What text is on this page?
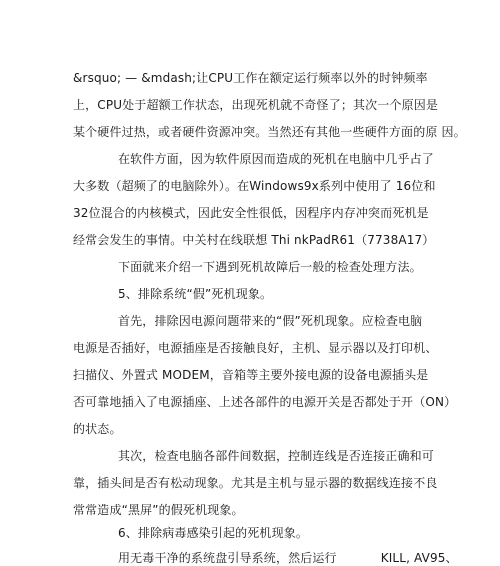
&rsquo; — &mdash;让CPU工作在额定运行频率以外的时钟频率
上，CPU处于超额工作状态，出现死机就不奇怪了；其次一个原因是
某个硬件过热，或者硬件资源冲突。当然还有其他一些硬件方面的原 因。
在软件方面，因为软件原因而造成的死机在电脑中几乎占了
大多数（超频了的电脑除外）。在Windows9x系列中使用了 16位和
32位混合的内核模式，因此安全性很低，因程序内存冲突而死机是
经常会发生的事情。中关村在线联想 Thi nkPadR61（7738A17）
下面就来介绍一下遇到死机故障后一般的检查处理方法。
5、排除系统“假”死机现象。
首先，排除因电源问题带来的“假”死机现象。应检查电脑
电源是否插好，电源插座是否接触良好，主机、显示器以及打印机、
扫描仪、外置式 MODEM，音箱等主要外接电源的设备电源插头是
否可靠地插入了电源插座、上述各部件的电源开关是否都处于开（ON）
的状态。
其次，检查电脑各部件间数据，控制连线是否连接正确和可
靠，插头间是否有松动现象。尤其是主机与显示器的数据线连接不良
常常造成“黑屏”的假死机现象。
6、排除病毒感染引起的死机现象。
用无毒干净的系统盘引导系统，然后运行	KILL, AV95、
